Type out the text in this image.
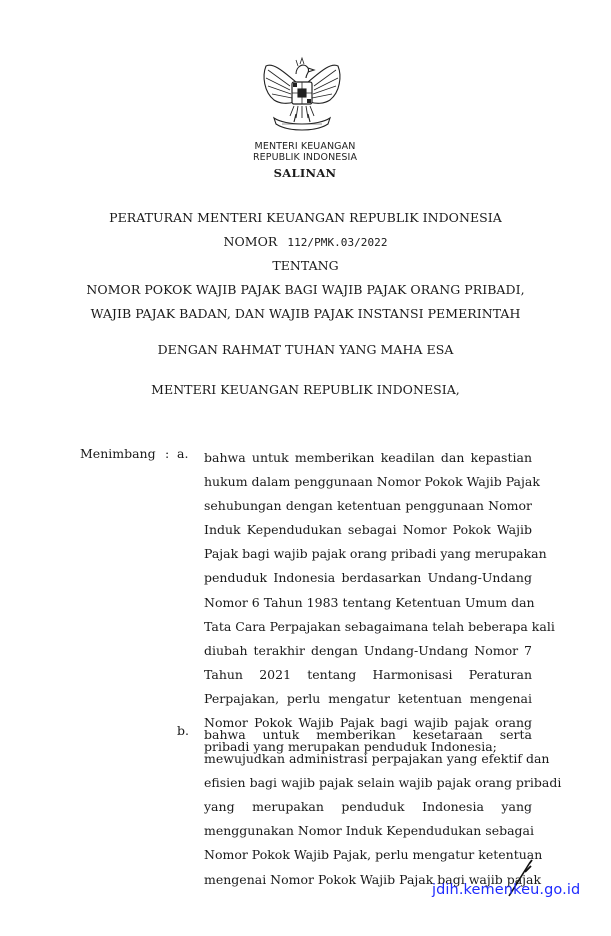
MENTERI KEUANGAN
REPUBLIK INDONESIA
SALINAN
PERATURAN MENTERI KEUANGAN REPUBLIK INDONESIA
NOMOR 112/PMK.03/2022
TENTANG
NOMOR POKOK WAJIB PAJAK BAGI WAJIB PAJAK ORANG PRIBADI,
WAJIB PAJAK BADAN, DAN WAJIB PAJAK INSTANSI PEMERINTAH
DENGAN RAHMAT TUHAN YANG MAHA ESA
MENTERI KEUANGAN REPUBLIK INDONESIA,
Menimbang : a. bahwa untuk memberikan keadilan dan kepastian
hukum dalam penggunaan Nomor Pokok Wajib Pajak
sehubungan dengan ketentuan penggunaan Nomor
Induk Kependudukan sebagai Nomor Pokok Wajib
Pajak bagi wajib pajak orang pribadi yang merupakan
penduduk Indonesia berdasarkan Undang-Undang
Nomor 6 Tahun 1983 tentang Ketentuan Umum dan
Tata Cara Perpajakan sebagaimana telah beberapa kali
diubah terakhir dengan Undang-Undang Nomor 7
Tahun 2021 tentang Harmonisasi Peraturan
Perpajakan, perlu mengatur ketentuan mengenai
Nomor Pokok Wajib Pajak bagi wajib pajak orang
pribadi yang merupakan penduduk Indonesia;
b. bahwa untuk memberikan kesetaraan serta
mewujudkan administrasi perpajakan yang efektif dan
efisien bagi wajib pajak selain wajib pajak orang pribadi
yang merupakan penduduk Indonesia yang
menggunakan Nomor Induk Kependudukan sebagai
Nomor Pokok Wajib Pajak, perlu mengatur ketentuan
mengenai Nomor Pokok Wajib Pajak bagi wajib pajak
jdih.kemenkeu.go.id
